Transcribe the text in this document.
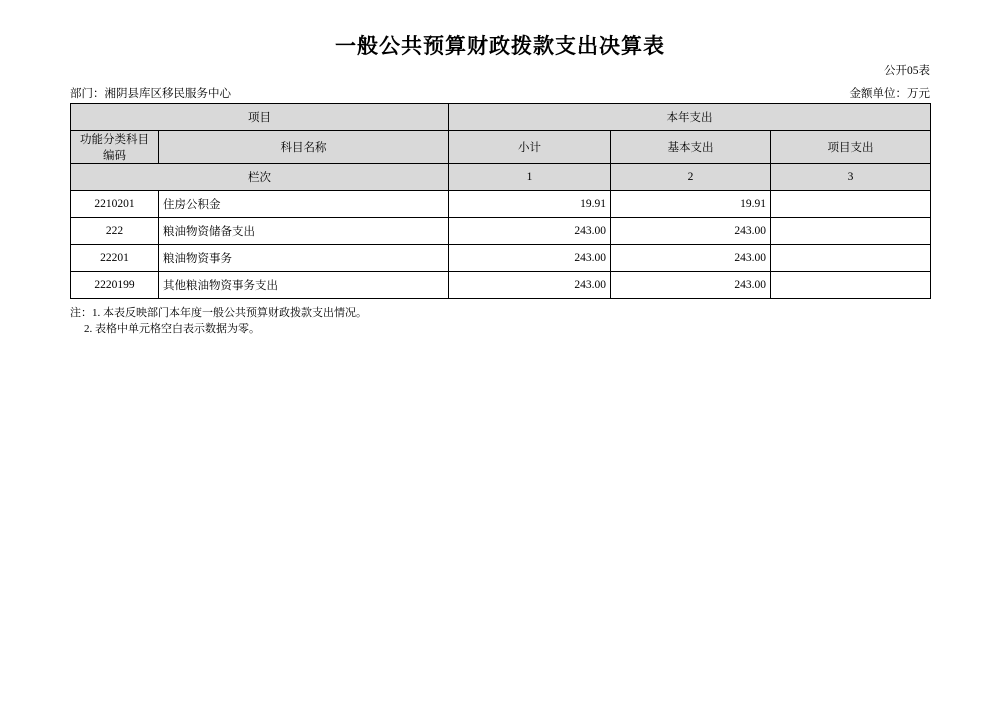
一般公共预算财政拨款支出决算表
公开05表
部门：湘阴县库区移民服务中心	金额单位：万元
项目		本年支出		

功能分类科目
编码	科目名称	小计	基本支出	项目支出
栏次		1	2	3
2210201	住房公积金	19.91	19.91	
222	粮油物资储备支出	243.00	243.00	
22201	粮油物资事务	243.00	243.00	
2220199	其他粮油物资事务支出	243.00	243.00	
注：1. 本表反映部门本年度一般公共预算财政拨款支出情况。
2. 表格中单元格空白表示数据为零。
